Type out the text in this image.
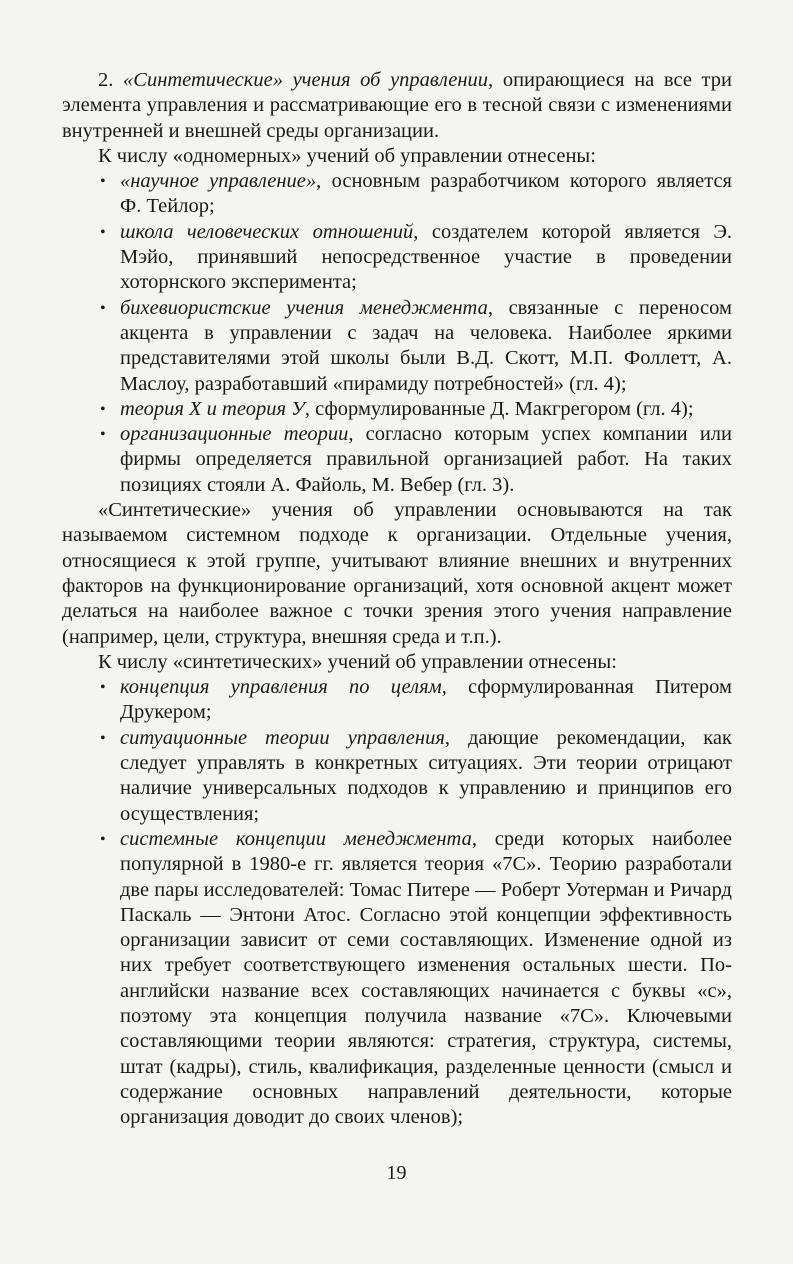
2. «Синтетические» учения об управлении, опирающиеся на все три элемента управления и рассматривающие его в тесной связи с изменениями внутренней и внешней среды организации.

К числу «одномерных» учений об управлении отнесены:

• «научное управление», основным разработчиком которого является Ф. Тейлор;
• школа человеческих отношений, создателем которой является Э. Мэйо, принявший непосредственное участие в проведении хоторнского эксперимента;
• бихевиористские учения менеджмента, связанные с переносом акцента в управлении с задач на человека. Наиболее яркими представителями этой школы были В.Д. Скотт, М.П. Фоллетт, А. Маслоу, разработавший «пирамиду потребностей» (гл. 4);
• теория X и теория У, сформулированные Д. Макгрегором (гл. 4);
• организационные теории, согласно которым успех компании или фирмы определяется правильной организацией работ. На таких позициях стояли А. Файоль, М. Вебер (гл. 3).

«Синтетические» учения об управлении основываются на так называемом системном подходе к организации. Отдельные учения, относящиеся к этой группе, учитывают влияние внешних и внутренних факторов на функционирование организаций, хотя основной акцент может делаться на наиболее важное с точки зрения этого учения направление (например, цели, структура, внешняя среда и т.п.).

К числу «синтетических» учений об управлении отнесены:

• концепция управления по целям, сформулированная Питером Друкером;
• ситуационные теории управления, дающие рекомендации, как следует управлять в конкретных ситуациях. Эти теории отрицают наличие универсальных подходов к управлению и принципов его осуществления;
• системные концепции менеджмента, среди которых наиболее популярной в 1980-е гг. является теория «7С». Теорию разработали две пары исследователей: Томас Питере — Роберт Уотерман и Ричард Паскаль — Энтони Атос. Согласно этой концепции эффективность организации зависит от семи составляющих. Изменение одной из них требует соответствующего изменения остальных шести. По-английски название всех составляющих начинается с буквы «с», поэтому эта концепция получила название «7С». Ключевыми составляющими теории являются: стратегия, структура, системы, штат (кадры), стиль, квалификация, разделенные ценности (смысл и содержание основных направлений деятельности, которые организация доводит до своих членов);
19
